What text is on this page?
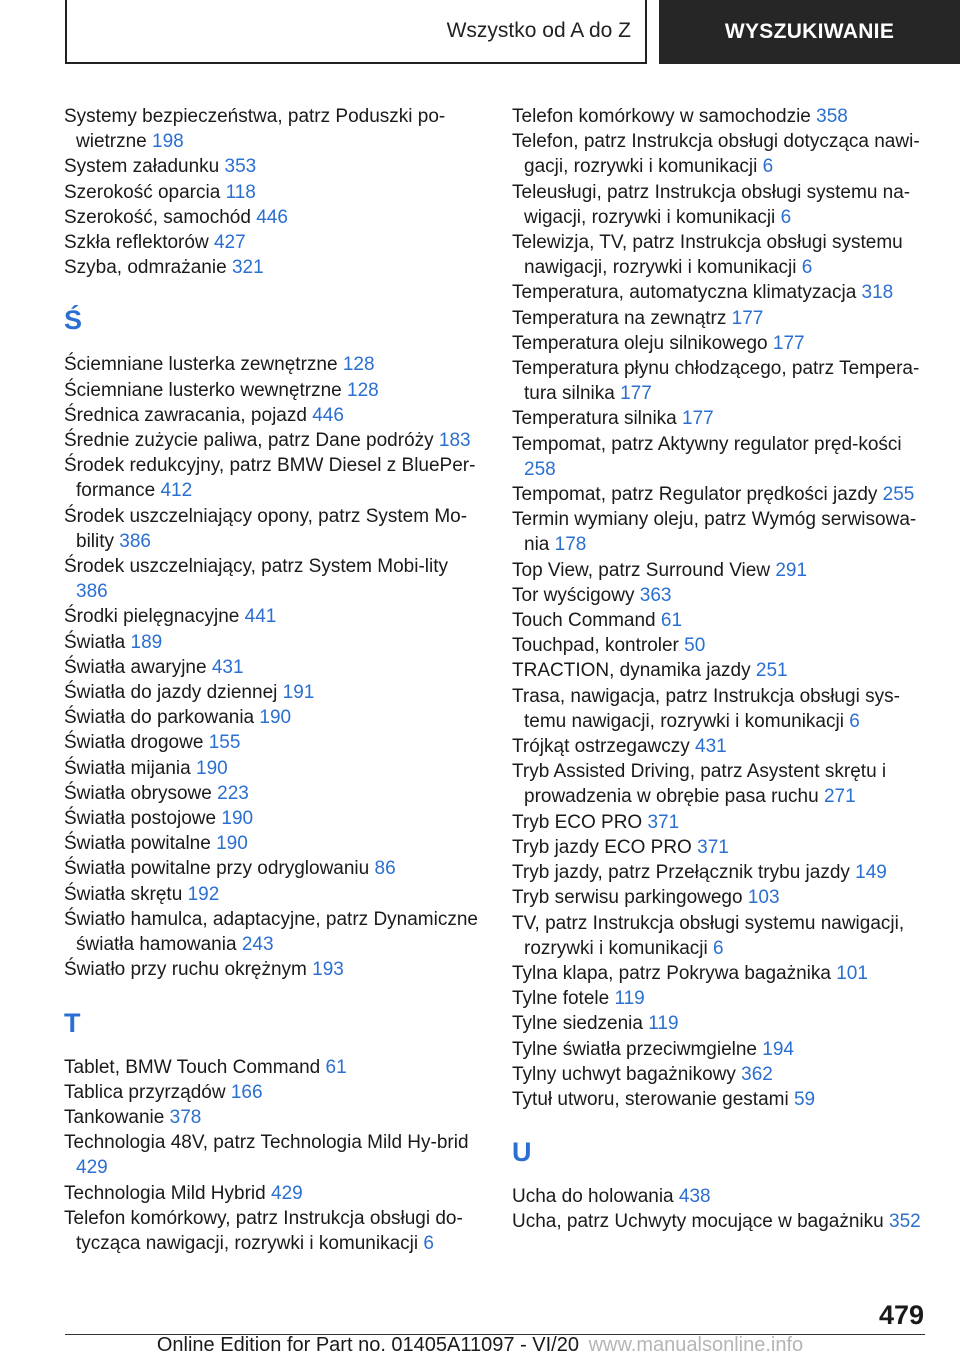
Wszystko od A do Z	WYSZUKIWANIE
Systemy bezpieczeństwa, patrz Poduszki po-wietrzne 198
System załadunku 353
Szerokość oparcia 118
Szerokość, samochód 446
Szkła reflektorów 427
Szyba, odmrażanie 321
Ś
Ściemniane lusterka zewnętrzne 128
Ściemniane lusterko wewnętrzne 128
Średnica zawracania, pojazd 446
Średnie zużycie paliwa, patrz Dane podróży 183
Środek redukcyjny, patrz BMW Diesel z BluePer-formance 412
Środek uszczelniający opony, patrz System Mo-bility 386
Środek uszczelniający, patrz System Mobi-lity 386
Środki pielęgnacyjne 441
Światła 189
Światła awaryjne 431
Światła do jazdy dziennej 191
Światła do parkowania 190
Światła drogowe 155
Światła mijania 190
Światła obrysowe 223
Światła postojowe 190
Światła powitalne 190
Światła powitalne przy odryglowaniu 86
Światła skrętu 192
Światło hamulca, adaptacyjne, patrz Dynamiczne światła hamowania 243
Światło przy ruchu okrężnym 193
T
Tablet, BMW Touch Command 61
Tablica przyrządów 166
Tankowanie 378
Technologia 48V, patrz Technologia Mild Hy-brid 429
Technologia Mild Hybrid 429
Telefon komórkowy, patrz Instrukcja obsługi do-tycząca nawigacji, rozrywki i komunikacji 6
Telefon komórkowy w samochodzie 358
Telefon, patrz Instrukcja obsługi dotycząca nawi-gacji, rozrywki i komunikacji 6
Teleusługi, patrz Instrukcja obsługi systemu na-wigacji, rozrywki i komunikacji 6
Telewizja, TV, patrz Instrukcja obsługi systemu nawigacji, rozrywki i komunikacji 6
Temperatura, automatyczna klimatyzacja 318
Temperatura na zewnątrz 177
Temperatura oleju silnikowego 177
Temperatura płynu chłodzącego, patrz Tempera-tura silnika 177
Temperatura silnika 177
Tempomat, patrz Aktywny regulator pręd-kości 258
Tempomat, patrz Regulator prędkości jazdy 255
Termin wymiany oleju, patrz Wymóg serwisowa-nia 178
Top View, patrz Surround View 291
Tor wyścigowy 363
Touch Command 61
Touchpad, kontroler 50
TRACTION, dynamika jazdy 251
Trasa, nawigacja, patrz Instrukcja obsługi sys-temu nawigacji, rozrywki i komunikacji 6
Trójkąt ostrzegawczy 431
Tryb Assisted Driving, patrz Asystent skrętu i prowadzenia w obrębie pasa ruchu 271
Tryb ECO PRO 371
Tryb jazdy ECO PRO 371
Tryb jazdy, patrz Przełącznik trybu jazdy 149
Tryb serwisu parkingowego 103
TV, patrz Instrukcja obsługi systemu nawigacji, rozrywki i komunikacji 6
Tylna klapa, patrz Pokrywa bagażnika 101
Tylne fotele 119
Tylne siedzenia 119
Tylne światła przeciwmgielne 194
Tylny uchwyt bagażnikowy 362
Tytuł utworu, sterowanie gestami 59
U
Ucha do holowania 438
Ucha, patrz Uchwyty mocujące w bagażniku 352
479
Online Edition for Part no. 01405A11097 - VI/20 www.manualsonline.info
